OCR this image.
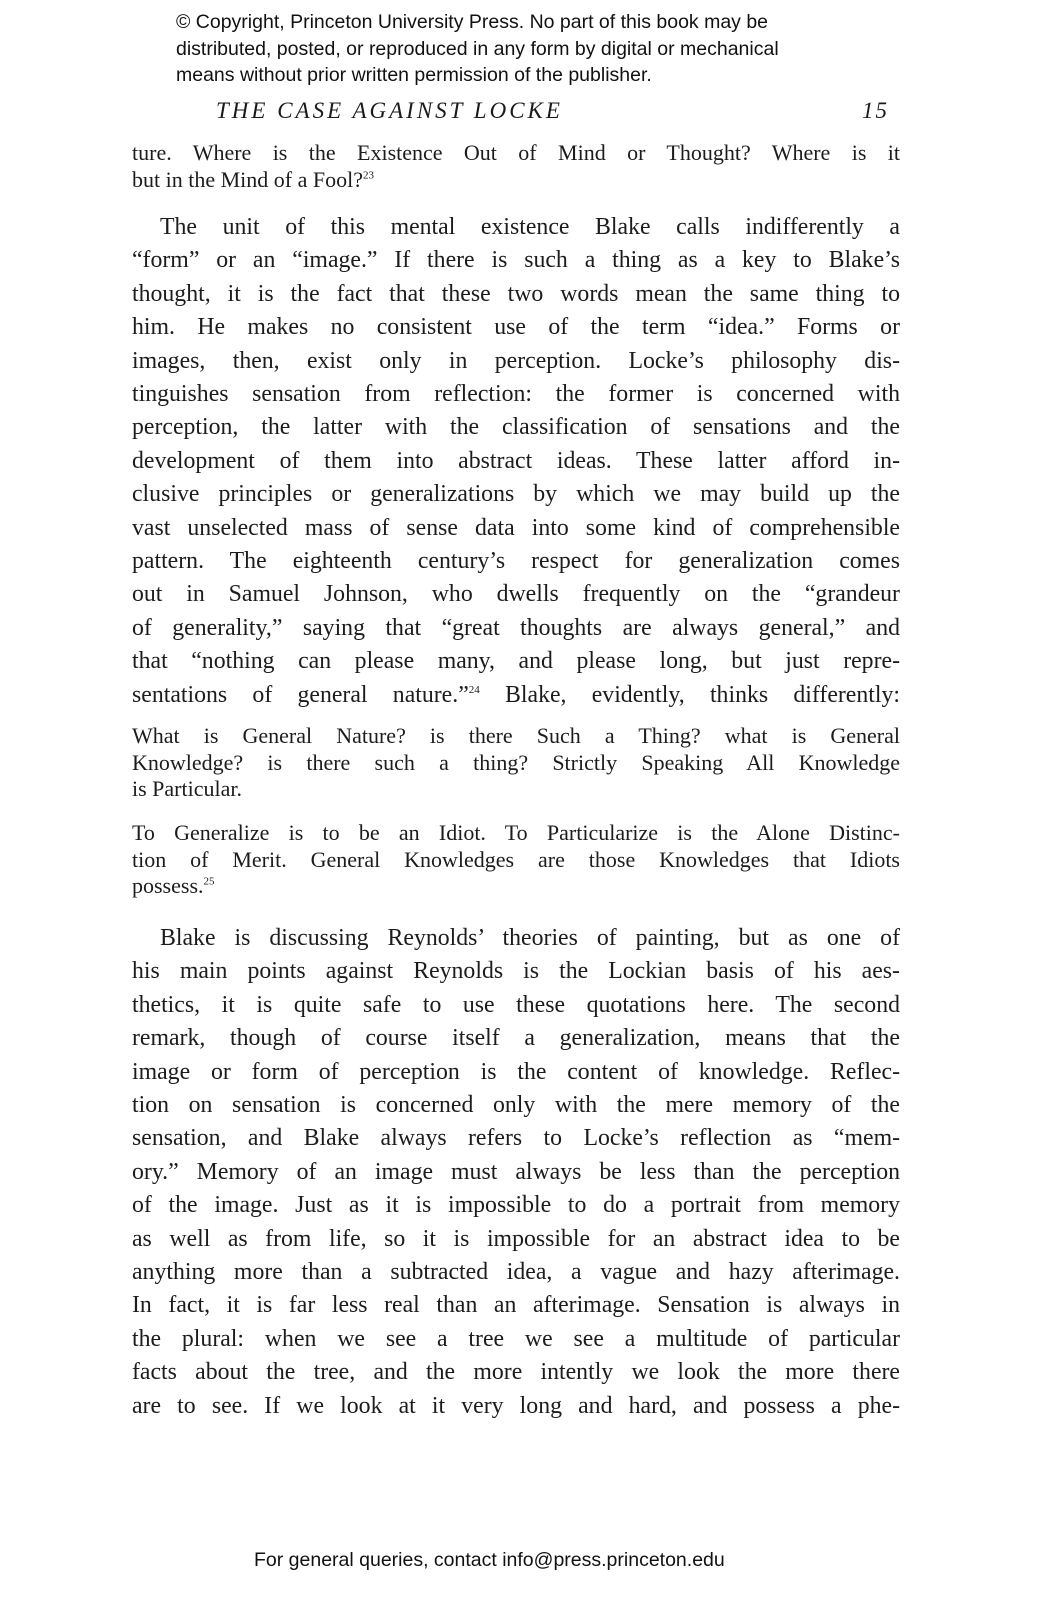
© Copyright, Princeton University Press. No part of this book may be
distributed, posted, or reproduced in any form by digital or mechanical
means without prior written permission of the publisher.
THE CASE AGAINST LOCKE	15
ture. Where is the Existence Out of Mind or Thought? Where is it
but in the Mind of a Fool?$^{23}$
The unit of this mental existence Blake calls indifferently a
“form” or an “image.” If there is such a thing as a key to Blake’s
thought, it is the fact that these two words mean the same thing to
him. He makes no consistent use of the term “idea.” Forms or
images, then, exist only in perception. Locke’s philosophy dis-
tinguishes sensation from reflection: the former is concerned with
perception, the latter with the classification of sensations and the
development of them into abstract ideas. These latter afford in-
clusive principles or generalizations by which we may build up the
vast unselected mass of sense data into some kind of comprehensible
pattern. The eighteenth century’s respect for generalization comes
out in Samuel Johnson, who dwells frequently on the “grandeur
of generality,” saying that “great thoughts are always general,” and
that “nothing can please many, and please long, but just repre-
sentations of general nature.”$^{24}$ Blake, evidently, thinks differently:
What is General Nature? is there Such a Thing? what is General
Knowledge? is there such a thing? Strictly Speaking All Knowledge
is Particular.
To Generalize is to be an Idiot. To Particularize is the Alone Distinc-
tion of Merit. General Knowledges are those Knowledges that Idiots
possess.$^{25}$
Blake is discussing Reynolds’ theories of painting, but as one of
his main points against Reynolds is the Lockian basis of his aes-
thetics, it is quite safe to use these quotations here. The second
remark, though of course itself a generalization, means that the
image or form of perception is the content of knowledge. Reflec-
tion on sensation is concerned only with the mere memory of the
sensation, and Blake always refers to Locke’s reflection as “mem-
ory.” Memory of an image must always be less than the perception
of the image. Just as it is impossible to do a portrait from memory
as well as from life, so it is impossible for an abstract idea to be
anything more than a subtracted idea, a vague and hazy afterimage.
In fact, it is far less real than an afterimage. Sensation is always in
the plural: when we see a tree we see a multitude of particular
facts about the tree, and the more intently we look the more there
are to see. If we look at it very long and hard, and possess a phe-
For general queries, contact info@press.princeton.edu
